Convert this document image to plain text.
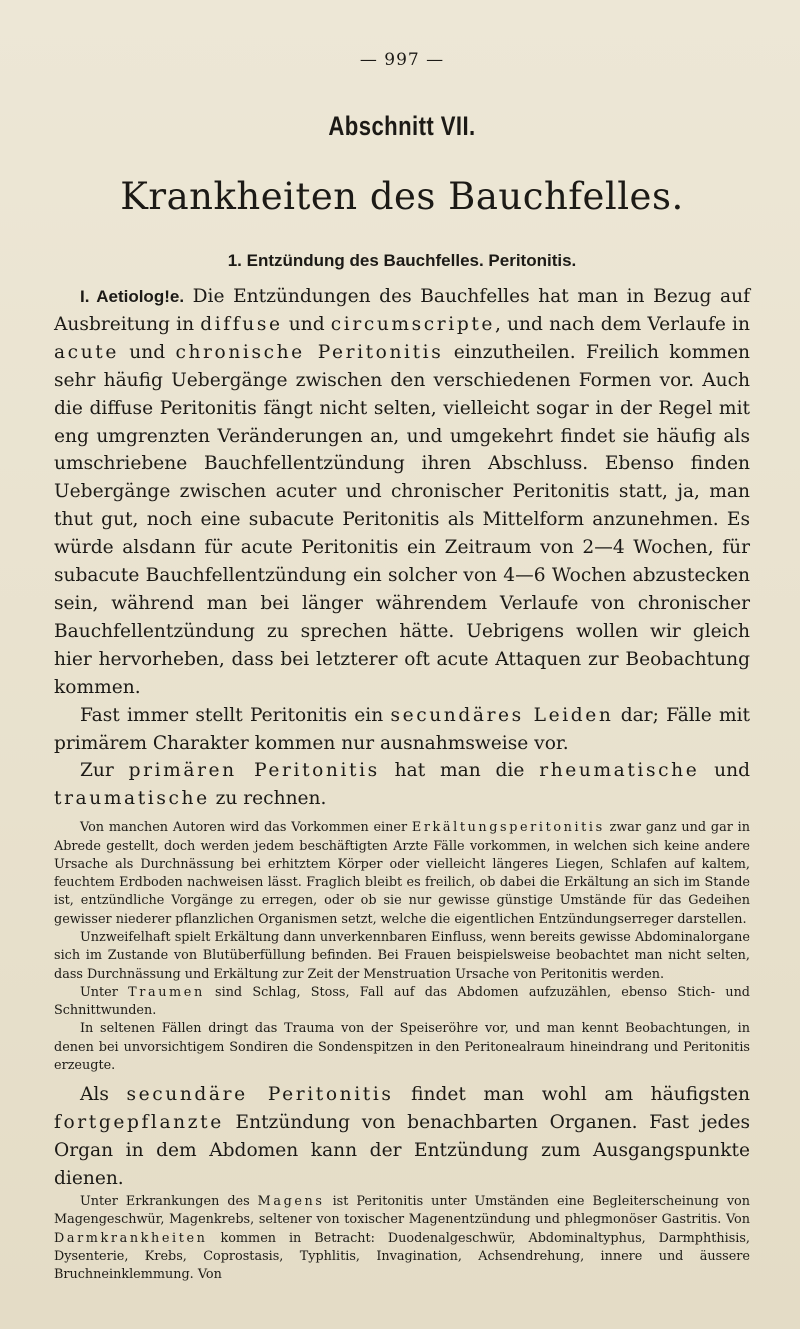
— 997 —
Abschnitt VII.
Krankheiten des Bauchfelles.
1. Entzündung des Bauchfelles. Peritonitis.

I. Aetiolog!e. Die Entzündungen des Bauchfelles hat man in Bezug auf Ausbreitung in diffuse und circumscripte, und nach dem Verlaufe in acute und chronische Peritonitis einzutheilen. Freilich kommen sehr häufig Uebergänge zwischen den verschiedenen Formen vor. Auch die diffuse Peritonitis fängt nicht selten, vielleicht sogar in der Regel mit eng umgrenzten Veränderungen an, und umgekehrt findet sie häufig als umschriebene Bauchfellentzündung ihren Abschluss. Ebenso finden Uebergänge zwischen acuter und chronischer Peritonitis statt, ja, man thut gut, noch eine subacute Peritonitis als Mittelform anzunehmen. Es würde alsdann für acute Peritonitis ein Zeitraum von 2—4 Wochen, für subacute Bauchfellentzündung ein solcher von 4—6 Wochen abzustecken sein, während man bei länger währendem Verlaufe von chronischer Bauchfellentzündung zu sprechen hätte. Uebrigens wollen wir gleich hier hervorheben, dass bei letzterer oft acute Attaquen zur Beobachtung kommen.

Fast immer stellt Peritonitis ein secundäres Leiden dar; Fälle mit primärem Charakter kommen nur ausnahmsweise vor.

Zur primären Peritonitis hat man die rheumatische und traumatische zu rechnen.

Von manchen Autoren wird das Vorkommen einer Erkältungsperitonitis zwar ganz und gar in Abrede gestellt, doch werden jedem beschäftigten Arzte Fälle vorkommen, in welchen sich keine andere Ursache als Durchnässung bei erhitztem Körper oder vielleicht längeres Liegen, Schlafen auf kaltem, feuchtem Erdboden nachweisen lässt. Fraglich bleibt es freilich, ob dabei die Erkältung an sich im Stande ist, entzündliche Vorgänge zu erregen, oder ob sie nur gewisse günstige Umstände für das Gedeihen gewisser niederer pflanzlichen Organismen setzt, welche die eigentlichen Entzündungserreger darstellen.

Unzweifelhaft spielt Erkältung dann unverkennbaren Einfluss, wenn bereits gewisse Abdominalorgane sich im Zustande von Blutüberfüllung befinden. Bei Frauen beispielsweise beobachtet man nicht selten, dass Durchnässung und Erkältung zur Zeit der Menstruation Ursache von Peritonitis werden.

Unter Traumen sind Schlag, Stoss, Fall auf das Abdomen aufzuzählen, ebenso Stich- und Schnittwunden.

In seltenen Fällen dringt das Trauma von der Speiseröhre vor, und man kennt Beobachtungen, in denen bei unvorsichtigem Sondiren die Sondenspitzen in den Peritonealraum hineindrang und Peritonitis erzeugte.

Als secundäre Peritonitis findet man wohl am häufigsten fortgepflanzte Entzündung von benachbarten Organen. Fast jedes Organ in dem Abdomen kann der Entzündung zum Ausgangspunkte dienen.

Unter Erkrankungen des Magens ist Peritonitis unter Umständen eine Begleiterscheinung von Magengeschwür, Magenkrebs, seltener von toxischer Magenentzündung und phlegmonöser Gastritis. Von Darmkrankheiten kommen in Betracht: Duodenalgeschwür, Abdominaltyphus, Darmphthisis, Dysenterie, Krebs, Coprostasis, Typhlitis, Invagination, Achsendrehung, innere und äussere Bruchneinklemmung. Von
